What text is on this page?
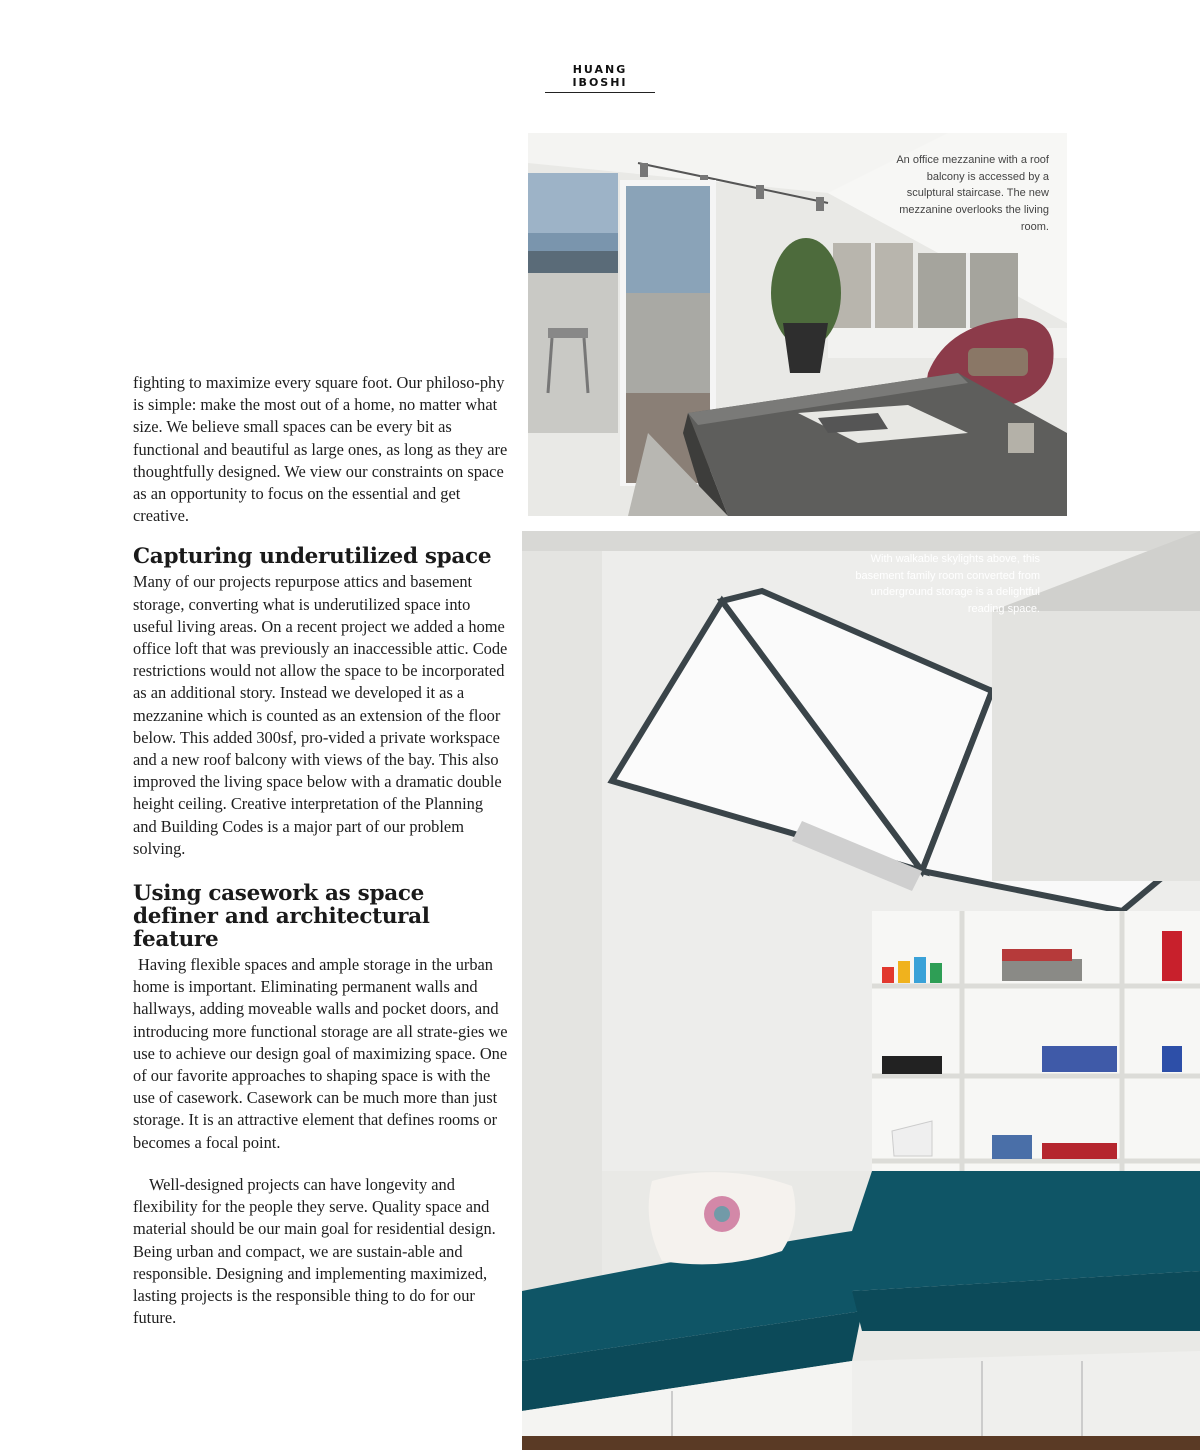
HUANG IBOSHI

fighting to maximize every square foot. Our philoso-phy is simple: make the most out of a home, no matter what size. We believe small spaces can be every bit as functional and beautiful as large ones, as long as they are thoughtfully designed. We view our constraints on space as an opportunity to focus on the essential and get creative.

Capturing underutilized space

Many of our projects repurpose attics and basement storage, converting what is underutilized space into useful living areas. On a recent project we added a home office loft that was previously an inaccessible attic. Code restrictions would not allow the space to be incorporated as an additional story. Instead we developed it as a mezzanine which is counted as an extension of the floor below. This added 300sf, pro-vided a private workspace and a new roof balcony with views of the bay. This also improved the living space below with a dramatic double height ceiling. Creative interpretation of the Planning and Building Codes is a major part of our problem solving.

Using casework as space definer and architectural feature

Having flexible spaces and ample storage in the urban home is important. Eliminating permanent walls and hallways, adding moveable walls and pocket doors, and introducing more functional storage are all strate-gies we use to achieve our design goal of maximizing space. One of our favorite approaches to shaping space is with the use of casework. Casework can be much more than just storage. It is an attractive element that defines rooms or becomes a focal point.

Well-designed projects can have longevity and flexibility for the people they serve. Quality space and material should be our main goal for residential design. Being urban and compact, we are sustain-able and responsible. Designing and implementing maximized, lasting projects is the responsible thing to do for our future.

An office mezzanine with a roof balcony is accessed by a sculptural staircase. The new mezzanine overlooks the living room.
With walkable skylights above, this basement family room converted from underground storage is a delightful reading space.
